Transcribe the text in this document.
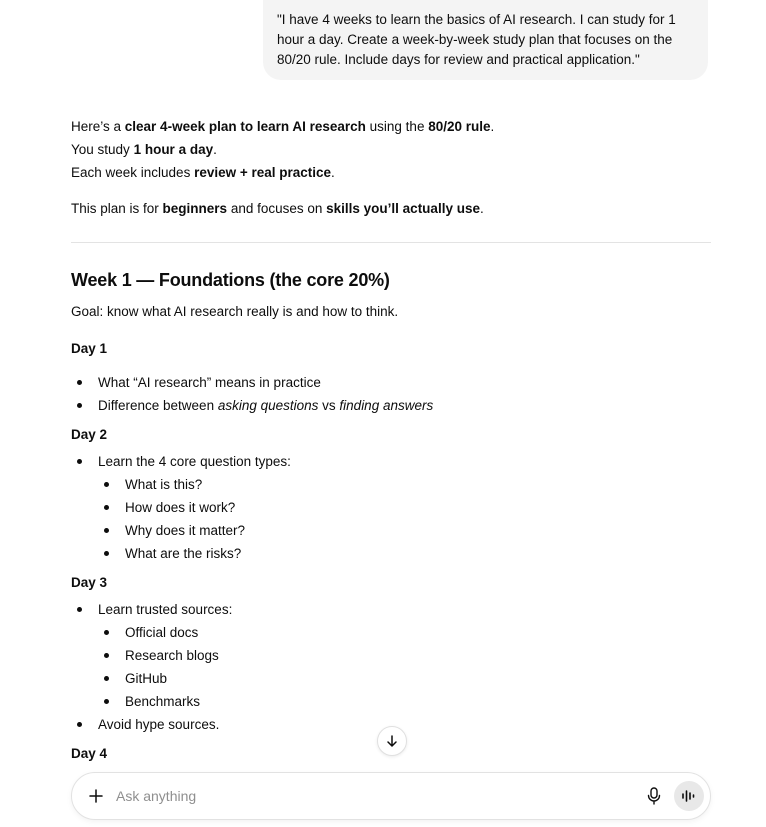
"I have 4 weeks to learn the basics of AI research. I can study for 1 hour a day. Create a week-by-week study plan that focuses on the 80/20 rule. Include days for review and practical application."

Here’s a clear 4-week plan to learn AI research using the 80/20 rule.

You study 1 hour a day.

Each week includes review + real practice.

This plan is for beginners and focuses on skills you’ll actually use.

Week 1 — Foundations (the core 20%)

Goal: know what AI research really is and how to think.

Day 1

What “AI research” means in practice
Difference between asking questions vs finding answers

Day 2

Learn the 4 core question types:
What is this?
How does it work?
Why does it matter?
What are the risks?

Day 3

Learn trusted sources:
Official docs
Research blogs
GitHub
Benchmarks
Avoid hype sources.

Day 4

Ask anything
